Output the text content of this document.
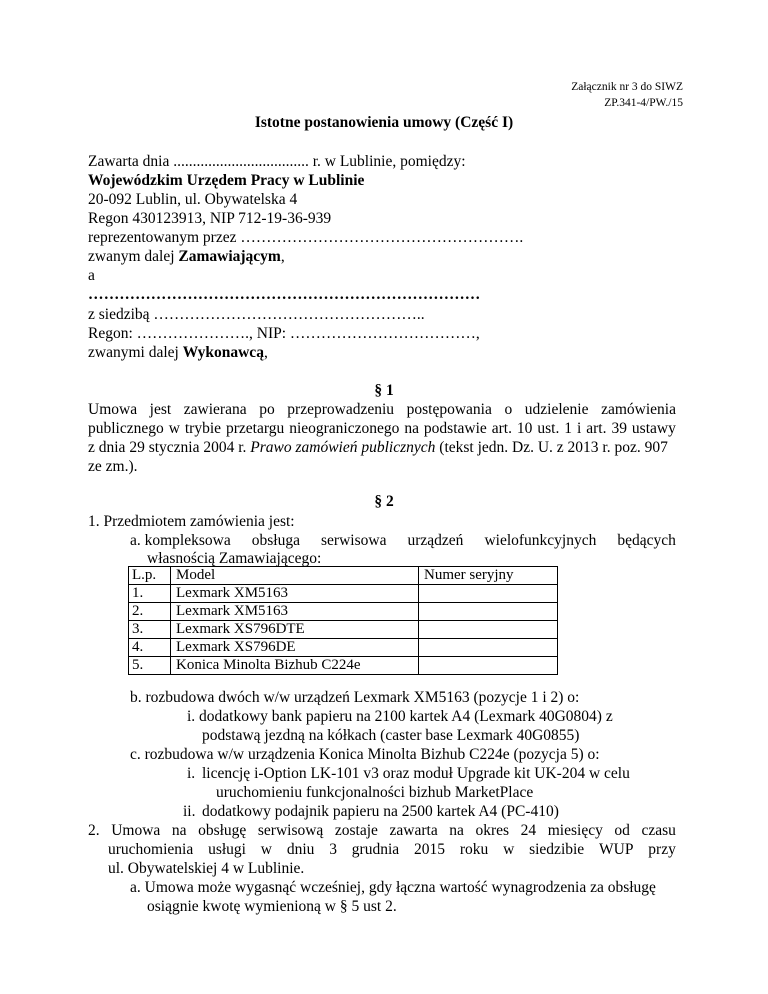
Załącznik nr 3 do SIWZ
ZP.341-4/PW./15
Istotne postanowienia umowy (Część I)
Zawarta dnia ................................... r. w Lublinie, pomiędzy:
Wojewódzkim Urzędem Pracy w Lublinie
20-092 Lublin, ul. Obywatelska 4
Regon 430123913, NIP 712-19-36-939
reprezentowanym przez ……………………………………………….
zwanym dalej Zamawiającym,
a
…………………………………………………………………
z siedzibą ……………………………………………..
Regon: …………………., NIP: ………………………………,
zwanymi dalej Wykonawcą,
§ 1
Umowa jest zawierana po przeprowadzeniu postępowania o udzielenie zamówienia
publicznego w trybie przetargu nieograniczonego na podstawie art. 10 ust. 1 i art. 39 ustawy
z dnia 29 stycznia 2004 r. Prawo zamówień publicznych (tekst jedn. Dz. U. z 2013 r. poz. 907
ze zm.).
§ 2
1. Przedmiotem zamówienia jest:
a. kompleksowa obsługa serwisowa urządzeń wielofunkcyjnych będących
własnością Zamawiającego:
L.p.	Model	Numer seryjny
1.	Lexmark XM5163	
2.	Lexmark XM5163	
3.	Lexmark XS796DTE	
4.	Lexmark XS796DE	
5.	Konica Minolta Bizhub C224e	
b. rozbudowa dwóch w/w urządzeń Lexmark XM5163 (pozycje 1 i 2) o:
i. dodatkowy bank papieru na 2100 kartek A4 (Lexmark 40G0804) z
podstawą jezdną na kółkach (caster base Lexmark 40G0855)
c. rozbudowa w/w urządzenia Konica Minolta Bizhub C224e (pozycja 5) o:
i. licencję i-Option LK-101 v3 oraz moduł Upgrade kit UK-204 w celu
uruchomieniu funkcjonalności bizhub MarketPlace
ii. dodatkowy podajnik papieru na 2500 kartek A4 (PC-410)
2. Umowa na obsługę serwisową zostaje zawarta na okres 24 miesięcy od czasu
uruchomienia usługi w dniu 3 grudnia 2015 roku w siedzibie WUP przy
ul. Obywatelskiej 4 w Lublinie.
a. Umowa może wygasnąć wcześniej, gdy łączna wartość wynagrodzenia za obsługę
osiągnie kwotę wymienioną w § 5 ust 2.
